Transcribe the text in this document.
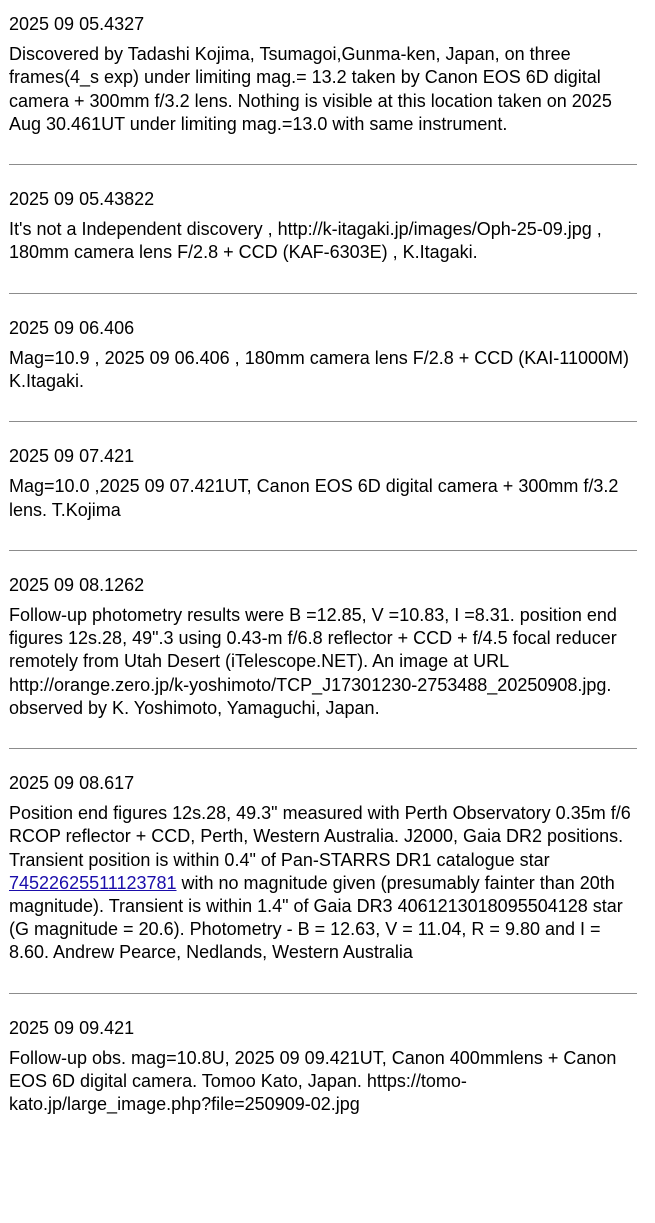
2025 09 05.4327
Discovered by Tadashi Kojima, Tsumagoi,Gunma-ken, Japan, on three frames(4_s exp) under limiting mag.= 13.2 taken by Canon EOS 6D digital camera + 300mm f/3.2 lens. Nothing is visible at this location taken on 2025 Aug 30.461UT under limiting mag.=13.0 with same instrument.
2025 09 05.43822
It's not a Independent discovery , http://k-itagaki.jp/images/Oph-25-09.jpg , 180mm camera lens F/2.8 + CCD (KAF-6303E) , K.Itagaki.
2025 09 06.406
Mag=10.9 , 2025 09 06.406 , 180mm camera lens F/2.8 + CCD (KAI-11000M) K.Itagaki.
2025 09 07.421
Mag=10.0 ,2025 09 07.421UT, Canon EOS 6D digital camera + 300mm f/3.2 lens. T.Kojima
2025 09 08.1262
Follow-up photometry results were B =12.85, V =10.83, I =8.31. position end figures 12s.28, 49".3 using 0.43-m f/6.8 reflector + CCD + f/4.5 focal reducer remotely from Utah Desert (iTelescope.NET). An image at URL http://orange.zero.jp/k-yoshimoto/TCP_J17301230-2753488_20250908.jpg. observed by K. Yoshimoto, Yamaguchi, Japan.
2025 09 08.617
Position end figures 12s.28, 49.3" measured with Perth Observatory 0.35m f/6 RCOP reflector + CCD, Perth, Western Australia. J2000, Gaia DR2 positions. Transient position is within 0.4" of Pan-STARRS DR1 catalogue star 74522625511123781 with no magnitude given (presumably fainter than 20th magnitude). Transient is within 1.4" of Gaia DR3 4061213018095504128 star (G magnitude = 20.6). Photometry - B = 12.63, V = 11.04, R = 9.80 and I = 8.60. Andrew Pearce, Nedlands, Western Australia
2025 09 09.421
Follow-up obs. mag=10.8U, 2025 09 09.421UT, Canon 400mmlens + Canon EOS 6D digital camera. Tomoo Kato, Japan. https://tomo-kato.jp/large_image.php?file=250909-02.jpg
